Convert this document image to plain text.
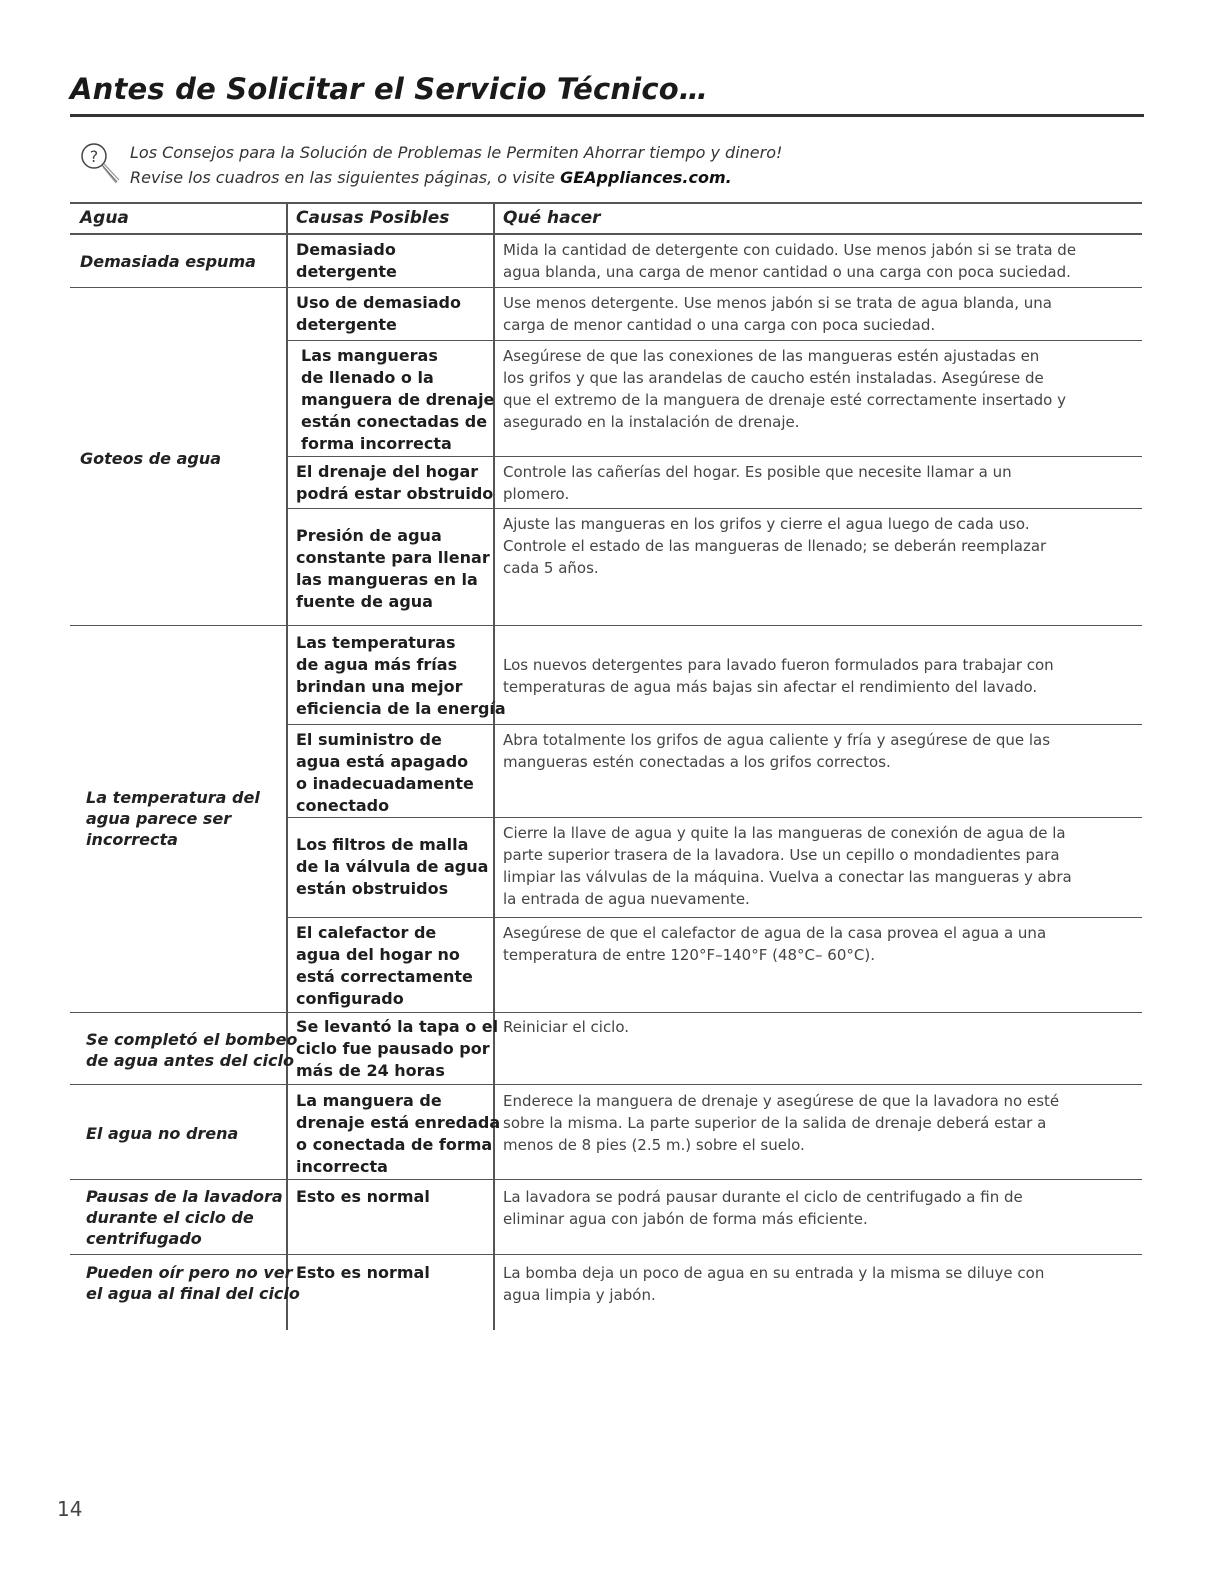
Antes de Solicitar el Servicio Técnico…
? Los Consejos para la Solución de Problemas le Permiten Ahorrar tiempo y dinero!
Revise los cuadros en las siguientes páginas, o visite GEAppliances.com.
Agua	Causas Posibles	Qué hacer
Demasiada espuma
Goteos de agua
La temperatura del
agua parece ser
incorrecta
Se completó el bombeo
de agua antes del ciclo
El agua no drena
Pausas de la lavadora
durante el ciclo de
centrifugado
Pueden oír pero no ver
el agua al final del ciclo
Demasiado
detergente
Uso de demasiado
detergente
Las mangueras
de llenado o la
manguera de drenaje
están conectadas de
forma incorrecta
El drenaje del hogar
podrá estar obstruido
Presión de agua
constante para llenar
las mangueras en la
fuente de agua
Las temperaturas
de agua más frías
brindan una mejor
eficiencia de la energía
El suministro de
agua está apagado
o inadecuadamente
conectado
Los filtros de malla
de la válvula de agua
están obstruidos
El calefactor de
agua del hogar no
está correctamente
configurado
Se levantó la tapa o el
ciclo fue pausado por
más de 24 horas
La manguera de
drenaje está enredada
o conectada de forma
incorrecta
Esto es normal
Esto es normal
Mida la cantidad de detergente con cuidado. Use menos jabón si se trata de
agua blanda, una carga de menor cantidad o una carga con poca suciedad.
Use menos detergente. Use menos jabón si se trata de agua blanda, una
carga de menor cantidad o una carga con poca suciedad.
Asegúrese de que las conexiones de las mangueras estén ajustadas en
los grifos y que las arandelas de caucho estén instaladas. Asegúrese de
que el extremo de la manguera de drenaje esté correctamente insertado y
asegurado en la instalación de drenaje.
Controle las cañerías del hogar. Es posible que necesite llamar a un
plomero.
Ajuste las mangueras en los grifos y cierre el agua luego de cada uso.
Controle el estado de las mangueras de llenado; se deberán reemplazar
cada 5 años.
Los nuevos detergentes para lavado fueron formulados para trabajar con
temperaturas de agua más bajas sin afectar el rendimiento del lavado.
Abra totalmente los grifos de agua caliente y fría y asegúrese de que las
mangueras estén conectadas a los grifos correctos.
Cierre la llave de agua y quite la las mangueras de conexión de agua de la
parte superior trasera de la lavadora. Use un cepillo o mondadientes para
limpiar las válvulas de la máquina. Vuelva a conectar las mangueras y abra
la entrada de agua nuevamente.
Asegúrese de que el calefactor de agua de la casa provea el agua a una
temperatura de entre 120°F–140°F (48°C– 60°C).
Reiniciar el ciclo.
Enderece la manguera de drenaje y asegúrese de que la lavadora no esté
sobre la misma. La parte superior de la salida de drenaje deberá estar a
menos de 8 pies (2.5 m.) sobre el suelo.
La lavadora se podrá pausar durante el ciclo de centrifugado a fin de
eliminar agua con jabón de forma más eficiente.
La bomba deja un poco de agua en su entrada y la misma se diluye con
agua limpia y jabón.
14
